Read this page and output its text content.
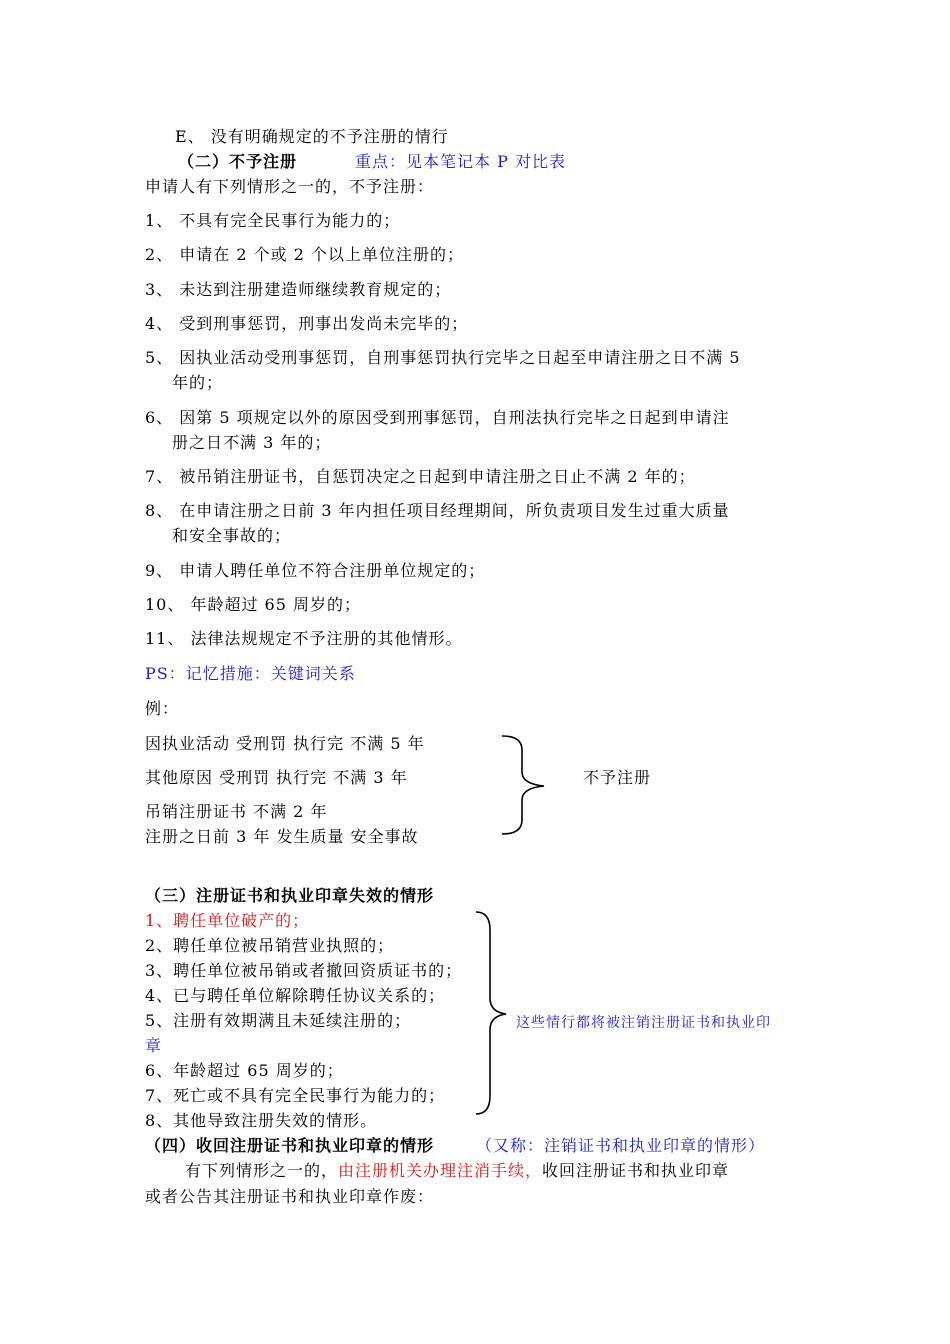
E、 没有明确规定的不予注册的情行
（二）不予注册	重点：见本笔记本 P 对比表
申请人有下列情形之一的，不予注册：
1、 不具有完全民事行为能力的；
2、 申请在 2 个或 2 个以上单位注册的；
3、 未达到注册建造师继续教育规定的；
4、 受到刑事惩罚，刑事出发尚未完毕的；
5、 因执业活动受刑事惩罚，自刑事惩罚执行完毕之日起至申请注册之日不满 5
年的；
6、 因第 5 项规定以外的原因受到刑事惩罚，自刑法执行完毕之日起到申请注
册之日不满 3 年的；
7、 被吊销注册证书，自惩罚决定之日起到申请注册之日止不满 2 年的；
8、 在申请注册之日前 3 年内担任项目经理期间，所负责项目发生过重大质量
和安全事故的；
9、 申请人聘任单位不符合注册单位规定的；
10、 年龄超过 65 周岁的；
11、 法律法规规定不予注册的其他情形。
PS：记忆措施：关键词关系
例：
因执业活动 受刑罚 执行完 不满 5 年
其他原因 受刑罚 执行完 不满 3 年
吊销注册证书 不满 2 年
注册之日前 3 年 发生质量 安全事故
不予注册
（三）注册证书和执业印章失效的情形
1、聘任单位破产的；
2、聘任单位被吊销营业执照的；
3、聘任单位被吊销或者撤回资质证书的；
4、已与聘任单位解除聘任协议关系的；
5、注册有效期满且未延续注册的；
章
6、年龄超过 65 周岁的；
7、死亡或不具有完全民事行为能力的；
8、其他导致注册失效的情形。
这些情行都将被注销注册证书和执业印
（四）收回注册证书和执业印章的情形	（又称：注销证书和执业印章的情形）
有下列情形之一的，由注册机关办理注消手续，收回注册证书和执业印章
或者公告其注册证书和执业印章作废：
